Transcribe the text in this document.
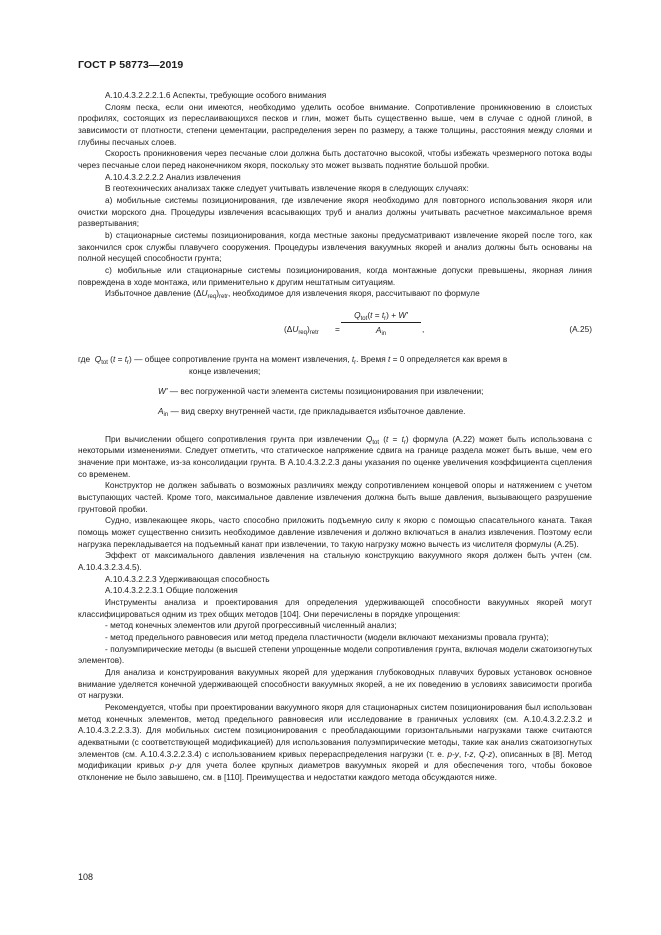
ГОСТ Р 58773—2019

А.10.4.3.2.2.2.1.6 Аспекты, требующие особого внимания

Слоям песка, если они имеются, необходимо уделить особое внимание. Сопротивление проникновению в слоистых профилях, состоящих из переслаивающихся песков и глин, может быть существенно выше, чем в случае с одной глиной, в зависимости от плотности, степени цементации, распределения зерен по размеру, а также толщины, расстояния между слоями и глубины песчаных слоев.

Скорость проникновения через песчаные слои должна быть достаточно высокой, чтобы избежать чрезмерного потока воды через песчаные слои перед наконечником якоря, поскольку это может вызвать поднятие большой пробки.

А.10.4.3.2.2.2.2 Анализ извлечения

В геотехнических анализах также следует учитывать извлечение якоря в следующих случаях:

а) мобильные системы позиционирования, где извлечение якоря необходимо для повторного использования якоря или очистки морского дна. Процедуры извлечения всасывающих труб и анализ должны учитывать расчетное максимальное время развертывания;

b) стационарные системы позиционирования, когда местные законы предусматривают извлечение якорей после того, как закончился срок службы плавучего сооружения. Процедуры извлечения вакуумных якорей и анализ должны быть основаны на полной несущей способности грунта;

c) мобильные или стационарные системы позиционирования, когда монтажные допуски превышены, якорная линия повреждена в ходе монтажа, или применительно к другим нештатным ситуациям.

Избыточное давление $(\Delta U_{req})_{retr}$, необходимое для извлечения якоря, рассчитывают по формуле

$(\Delta U_{req})_{retr}$ =
$Q_{tot}(t = t_r) + W'$
$A_{in}$
,	(А.25)
где $Q_{tot}$ $(t = t_r)$ — общее сопротивление грунта на момент извлечения, $t_r$. Время t = 0 определяется как время в
конце извлечения;
W' — вес погруженной части элемента системы позиционирования при извлечении;
$A_{in}$ — вид сверху внутренней части, где прикладывается избыточное давление.

При вычислении общего сопротивления грунта при извлечении $Q_{tot}$ $(t = t_r)$ формула (А.22) может быть использована с некоторыми изменениями. Следует отметить, что статическое напряжение сдвига на границе раздела может быть выше, чем его значение при монтаже, из-за консолидации грунта. В А.10.4.3.2.2.3 даны указания по оценке увеличения коэффициента сцепления со временем.

Конструктор не должен забывать о возможных различиях между сопротивлением концевой опоры и натяжением с учетом выступающих частей. Кроме того, максимальное давление извлечения должна быть выше давления, вызывающего разрушение грунтовой пробки.

Судно, извлекающее якорь, часто способно приложить подъемную силу к якорю с помощью спасательного каната. Такая помощь может существенно снизить необходимое давление извлечения и должно включаться в анализ извлечения. Поэтому если нагрузка перекладывается на подъемный канат при извлечении, то такую нагрузку можно вычесть из числителя формулы (А.25).

Эффект от максимального давления извлечения на стальную конструкцию вакуумного якоря должен быть учтен (см. А.10.4.3.2.3.4.5).

А.10.4.3.2.2.3 Удерживающая способность

А.10.4.3.2.2.3.1 Общие положения

Инструменты анализа и проектирования для определения удерживающей способности вакуумных якорей могут классифицироваться одним из трех общих методов [104]. Они перечислены в порядке упрощения:

- метод конечных элементов или другой прогрессивный численный анализ;

- метод предельного равновесия или метод предела пластичности (модели включают механизмы провала грунта);

- полуэмпирические методы (в высшей степени упрощенные модели сопротивления грунта, включая модели сжатоизогнутых элементов).

Для анализа и конструирования вакуумных якорей для удержания глубоководных плавучих буровых установок основное внимание уделяется конечной удерживающей способности вакуумных якорей, а не их поведению в условиях зависимости прогиба от нагрузки.

Рекомендуется, чтобы при проектировании вакуумного якоря для стационарных систем позиционирования был использован метод конечных элементов, метод предельного равновесия или исследование в граничных условиях (см. А.10.4.3.2.2.3.2 и А.10.4.3.2.2.3.3). Для мобильных систем позиционирования с преобладающими горизонтальными нагрузками также считаются адекватными (с соответствующей модификацией) для использования полуэмпирические методы, такие как анализ сжатоизогнутых элементов (см. А.10.4.3.2.2.3.4) с использованием кривых перераспределения нагрузки (т. е. p-y, t-z, Q-z), описанных в [8]. Метод модификации кривых p-y для учета более крупных диаметров вакуумных якорей и для обеспечения того, чтобы боковое отклонение не было завышено, см. в [110]. Преимущества и недостатки каждого метода обсуждаются ниже.

108
